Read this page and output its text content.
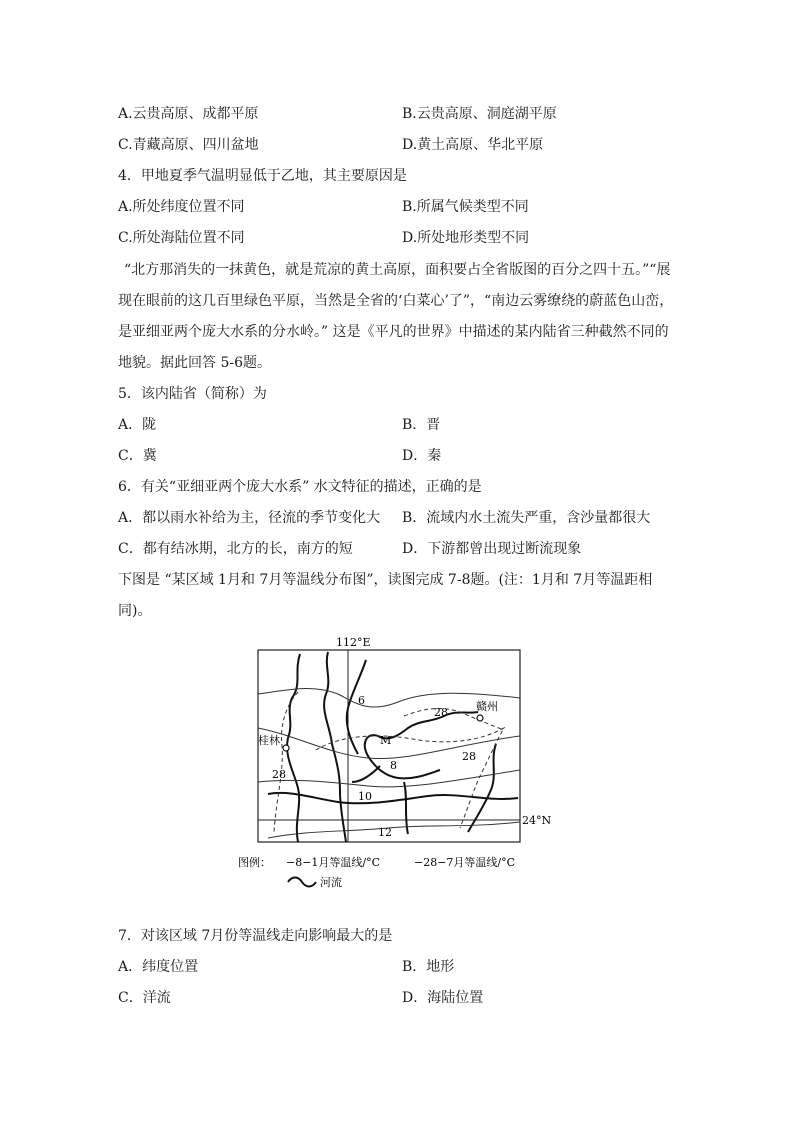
A.云贵高原、成都平原	B.云贵高原、洞庭湖平原
C.青藏高原、四川盆地	D.黄土高原、华北平原
4．甲地夏季气温明显低于乙地，其主要原因是
A.所处纬度位置不同	B.所属气候类型不同
C.所处海陆位置不同	D.所处地形类型不同
“北方那消失的一抹黄色，就是荒凉的黄土高原，面积要占全省版图的百分之四十五。”“展
现在眼前的这几百里绿色平原，当然是全省的‘白菜心’了”，“南边云雾缭绕的蔚蓝色山峦，
是亚细亚两个庞大水系的分水岭。” 这是《平凡的世界》中描述的某内陆省三种截然不同的
地貌。据此回答 5-6题。
5．该内陆省（简称）为
A．陇	B．晋
C．冀	D．秦
6．有关“亚细亚两个庞大水系” 水文特征的描述，正确的是
A．都以雨水补给为主，径流的季节变化大 B．流域内水土流失严重，含沙量都很大
C．都有结冰期，北方的长，南方的短	D．下游都曾出现过断流现象
下图是 “某区域 1月和 7月等温线分布图”，读图完成 7-8题。(注：1月和 7月等温距相
同)。
112°E
24°N
赣州
桂林	M
6
8
10
12
28
28
28
图例： −8−1月等温线/°C	−28−7月等温线/°C
河流
7．对该区域 7月份等温线走向影响最大的是
A．纬度位置	B．地形
C．洋流	D．海陆位置
